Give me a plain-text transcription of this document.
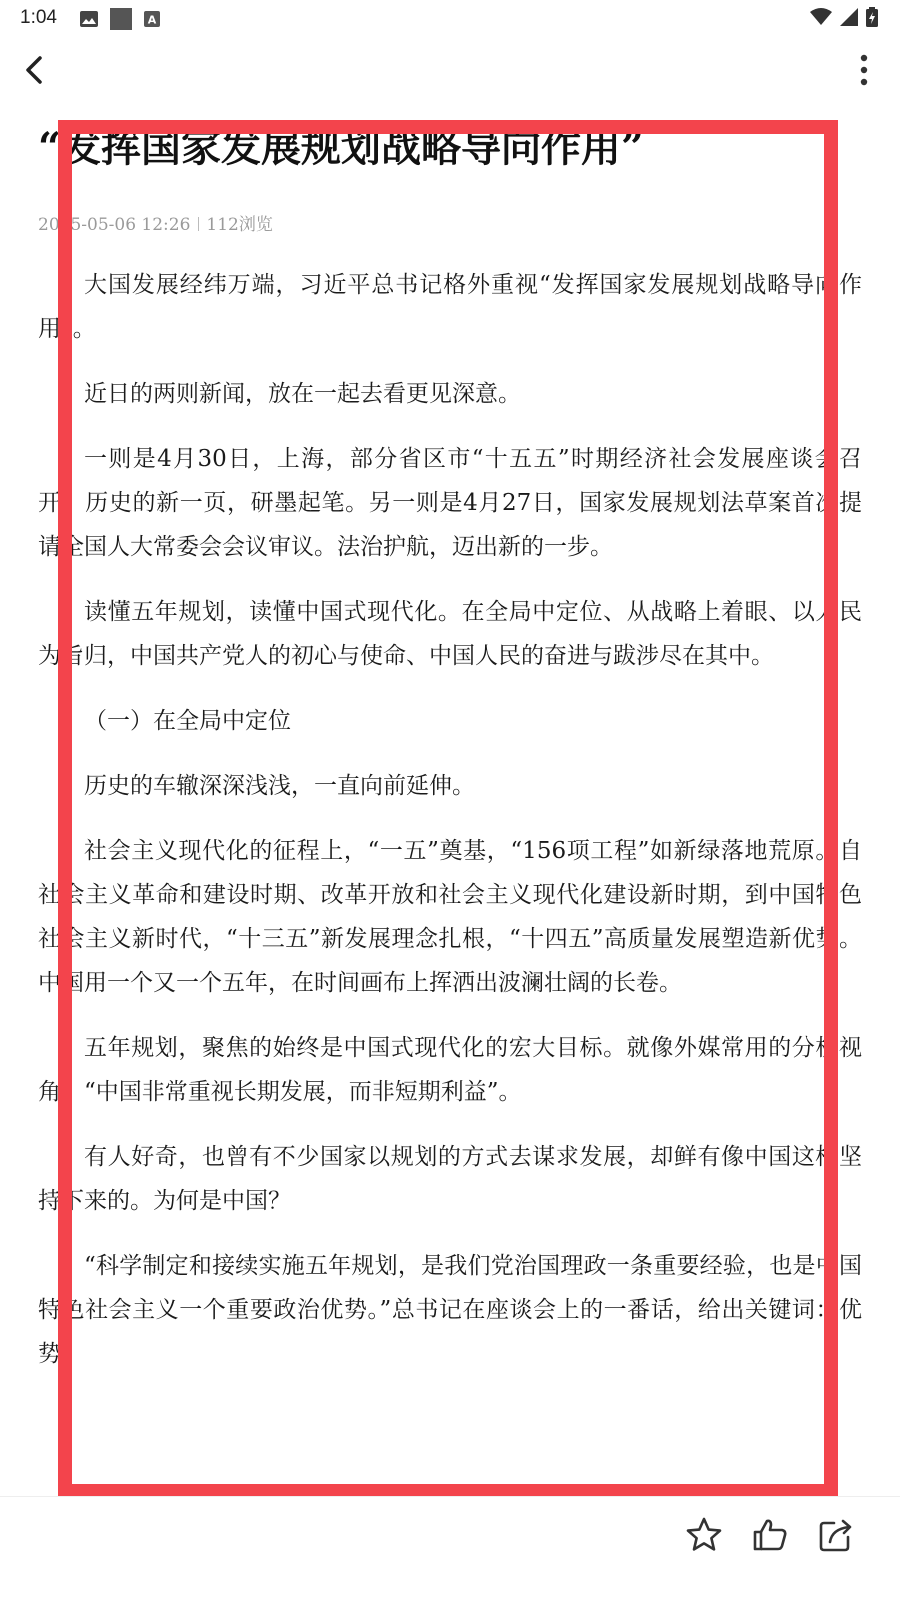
1:04	A
“发挥国家发展规划战略导向作用”
2025-05-06 12:26 112浏览

大国发展经纬万端，习近平总书记格外重视“发挥国家发展规划战略导向作用”。

近日的两则新闻，放在一起去看更见深意。

一则是4月30日，上海，部分省区市“十五五”时期经济社会发展座谈会召开。历史的新一页，研墨起笔。另一则是4月27日，国家发展规划法草案首次提请全国人大常委会会议审议。法治护航，迈出新的一步。

读懂五年规划，读懂中国式现代化。在全局中定位、从战略上着眼、以人民为旨归，中国共产党人的初心与使命、中国人民的奋进与跋涉尽在其中。

（一）在全局中定位

历史的车辙深深浅浅，一直向前延伸。

社会主义现代化的征程上，“一五”奠基，“156项工程”如新绿落地荒原。自社会主义革命和建设时期、改革开放和社会主义现代化建设新时期，到中国特色社会主义新时代，“十三五”新发展理念扎根，“十四五”高质量发展塑造新优势。中国用一个又一个五年，在时间画布上挥洒出波澜壮阔的长卷。

五年规划，聚焦的始终是中国式现代化的宏大目标。就像外媒常用的分析视角，“中国非常重视长期发展，而非短期利益”。

有人好奇，也曾有不少国家以规划的方式去谋求发展，却鲜有像中国这样坚持下来的。为何是中国？

“科学制定和接续实施五年规划，是我们党治国理政一条重要经验，也是中国特色社会主义一个重要政治优势。”总书记在座谈会上的一番话，给出关键词：优势。
